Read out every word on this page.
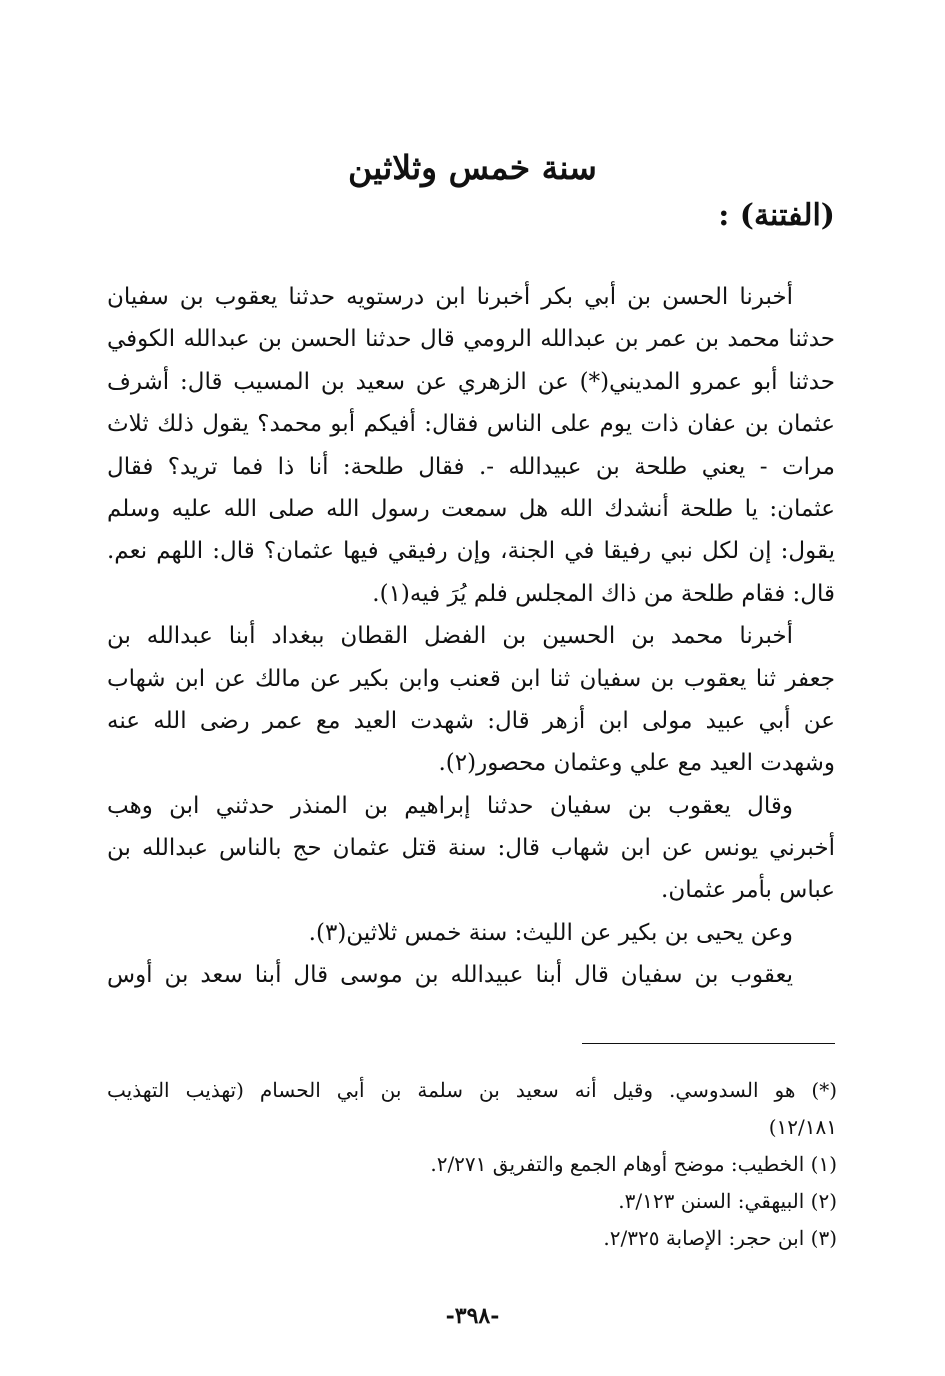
سنة خمس وثلاثين
(الفتنة) :
أخبرنا الحسن بن أبي بكر أخبرنا ابن درستويه حدثنا يعقوب بن سفيان
حدثنا محمد بن عمر بن عبدالله الرومي قال حدثنا الحسن بن عبدالله الكوفي
حدثنا أبو عمرو المديني(*) عن الزهري عن سعيد بن المسيب قال: أشرف
عثمان بن عفان ذات يوم على الناس فقال: أفيكم أبو محمد؟ يقول ذلك ثلاث
مرات - يعني طلحة بن عبيدالله -. فقال طلحة: أنا ذا فما تريد؟ فقال
عثمان: يا طلحة أنشدك الله هل سمعت رسول الله صلى الله عليه وسلم
يقول: إن لكل نبي رفيقا في الجنة، وإن رفيقي فيها عثمان؟ قال: اللهم نعم.
قال: فقام طلحة من ذاك المجلس فلم يُرَ فيه(١).
أخبرنا محمد بن الحسين بن الفضل القطان ببغداد أبنا عبدالله بن
جعفر ثنا يعقوب بن سفيان ثنا ابن قعنب وابن بكير عن مالك عن ابن شهاب
عن أبي عبيد مولى ابن أزهر قال: شهدت العيد مع عمر رضى الله عنه
وشهدت العيد مع علي وعثمان محصور(٢).
وقال يعقوب بن سفيان حدثنا إبراهيم بن المنذر حدثني ابن وهب
أخبرني يونس عن ابن شهاب قال: سنة قتل عثمان حج بالناس عبدالله بن
عباس بأمر عثمان.
وعن يحيى بن بكير عن الليث: سنة خمس ثلاثين(٣).
يعقوب بن سفيان قال أبنا عبيدالله بن موسى قال أبنا سعد بن أوس
(*) هو السدوسي. وقيل أنه سعيد بن سلمة بن أبي الحسام (تهذيب التهذيب
١٢/١٨١)
(١) الخطيب: موضح أوهام الجمع والتفريق ٢/٢٧١.
(٢) البيهقي: السنن ٣/١٢٣.
(٣) ابن حجر: الإصابة ٢/٣٢٥.
-٣٩٨-
